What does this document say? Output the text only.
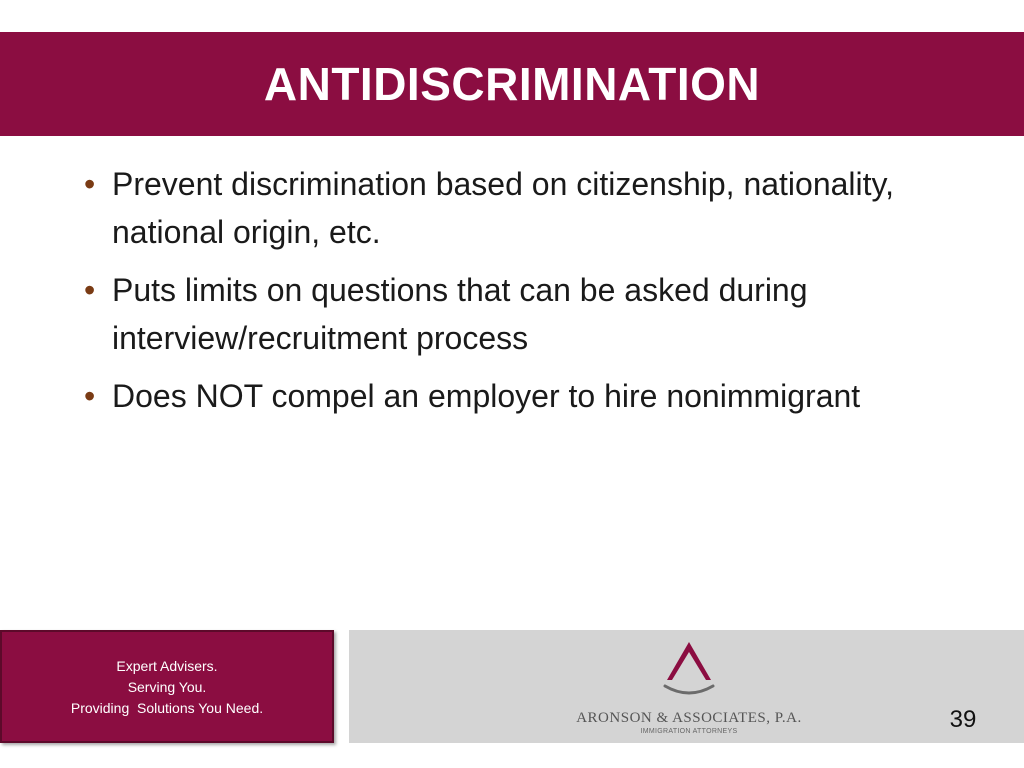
ANTIDISCRIMINATION
• Prevent discrimination based on citizenship, nationality, national origin, etc.
• Puts limits on questions that can be asked during interview/recruitment process
• Does NOT compel an employer to hire nonimmigrant
Expert Advisers.
Serving You.
Providing  Solutions You Need.
ARONSON & ASSOCIATES, P.A.
IMMIGRATION ATTORNEYS	39
